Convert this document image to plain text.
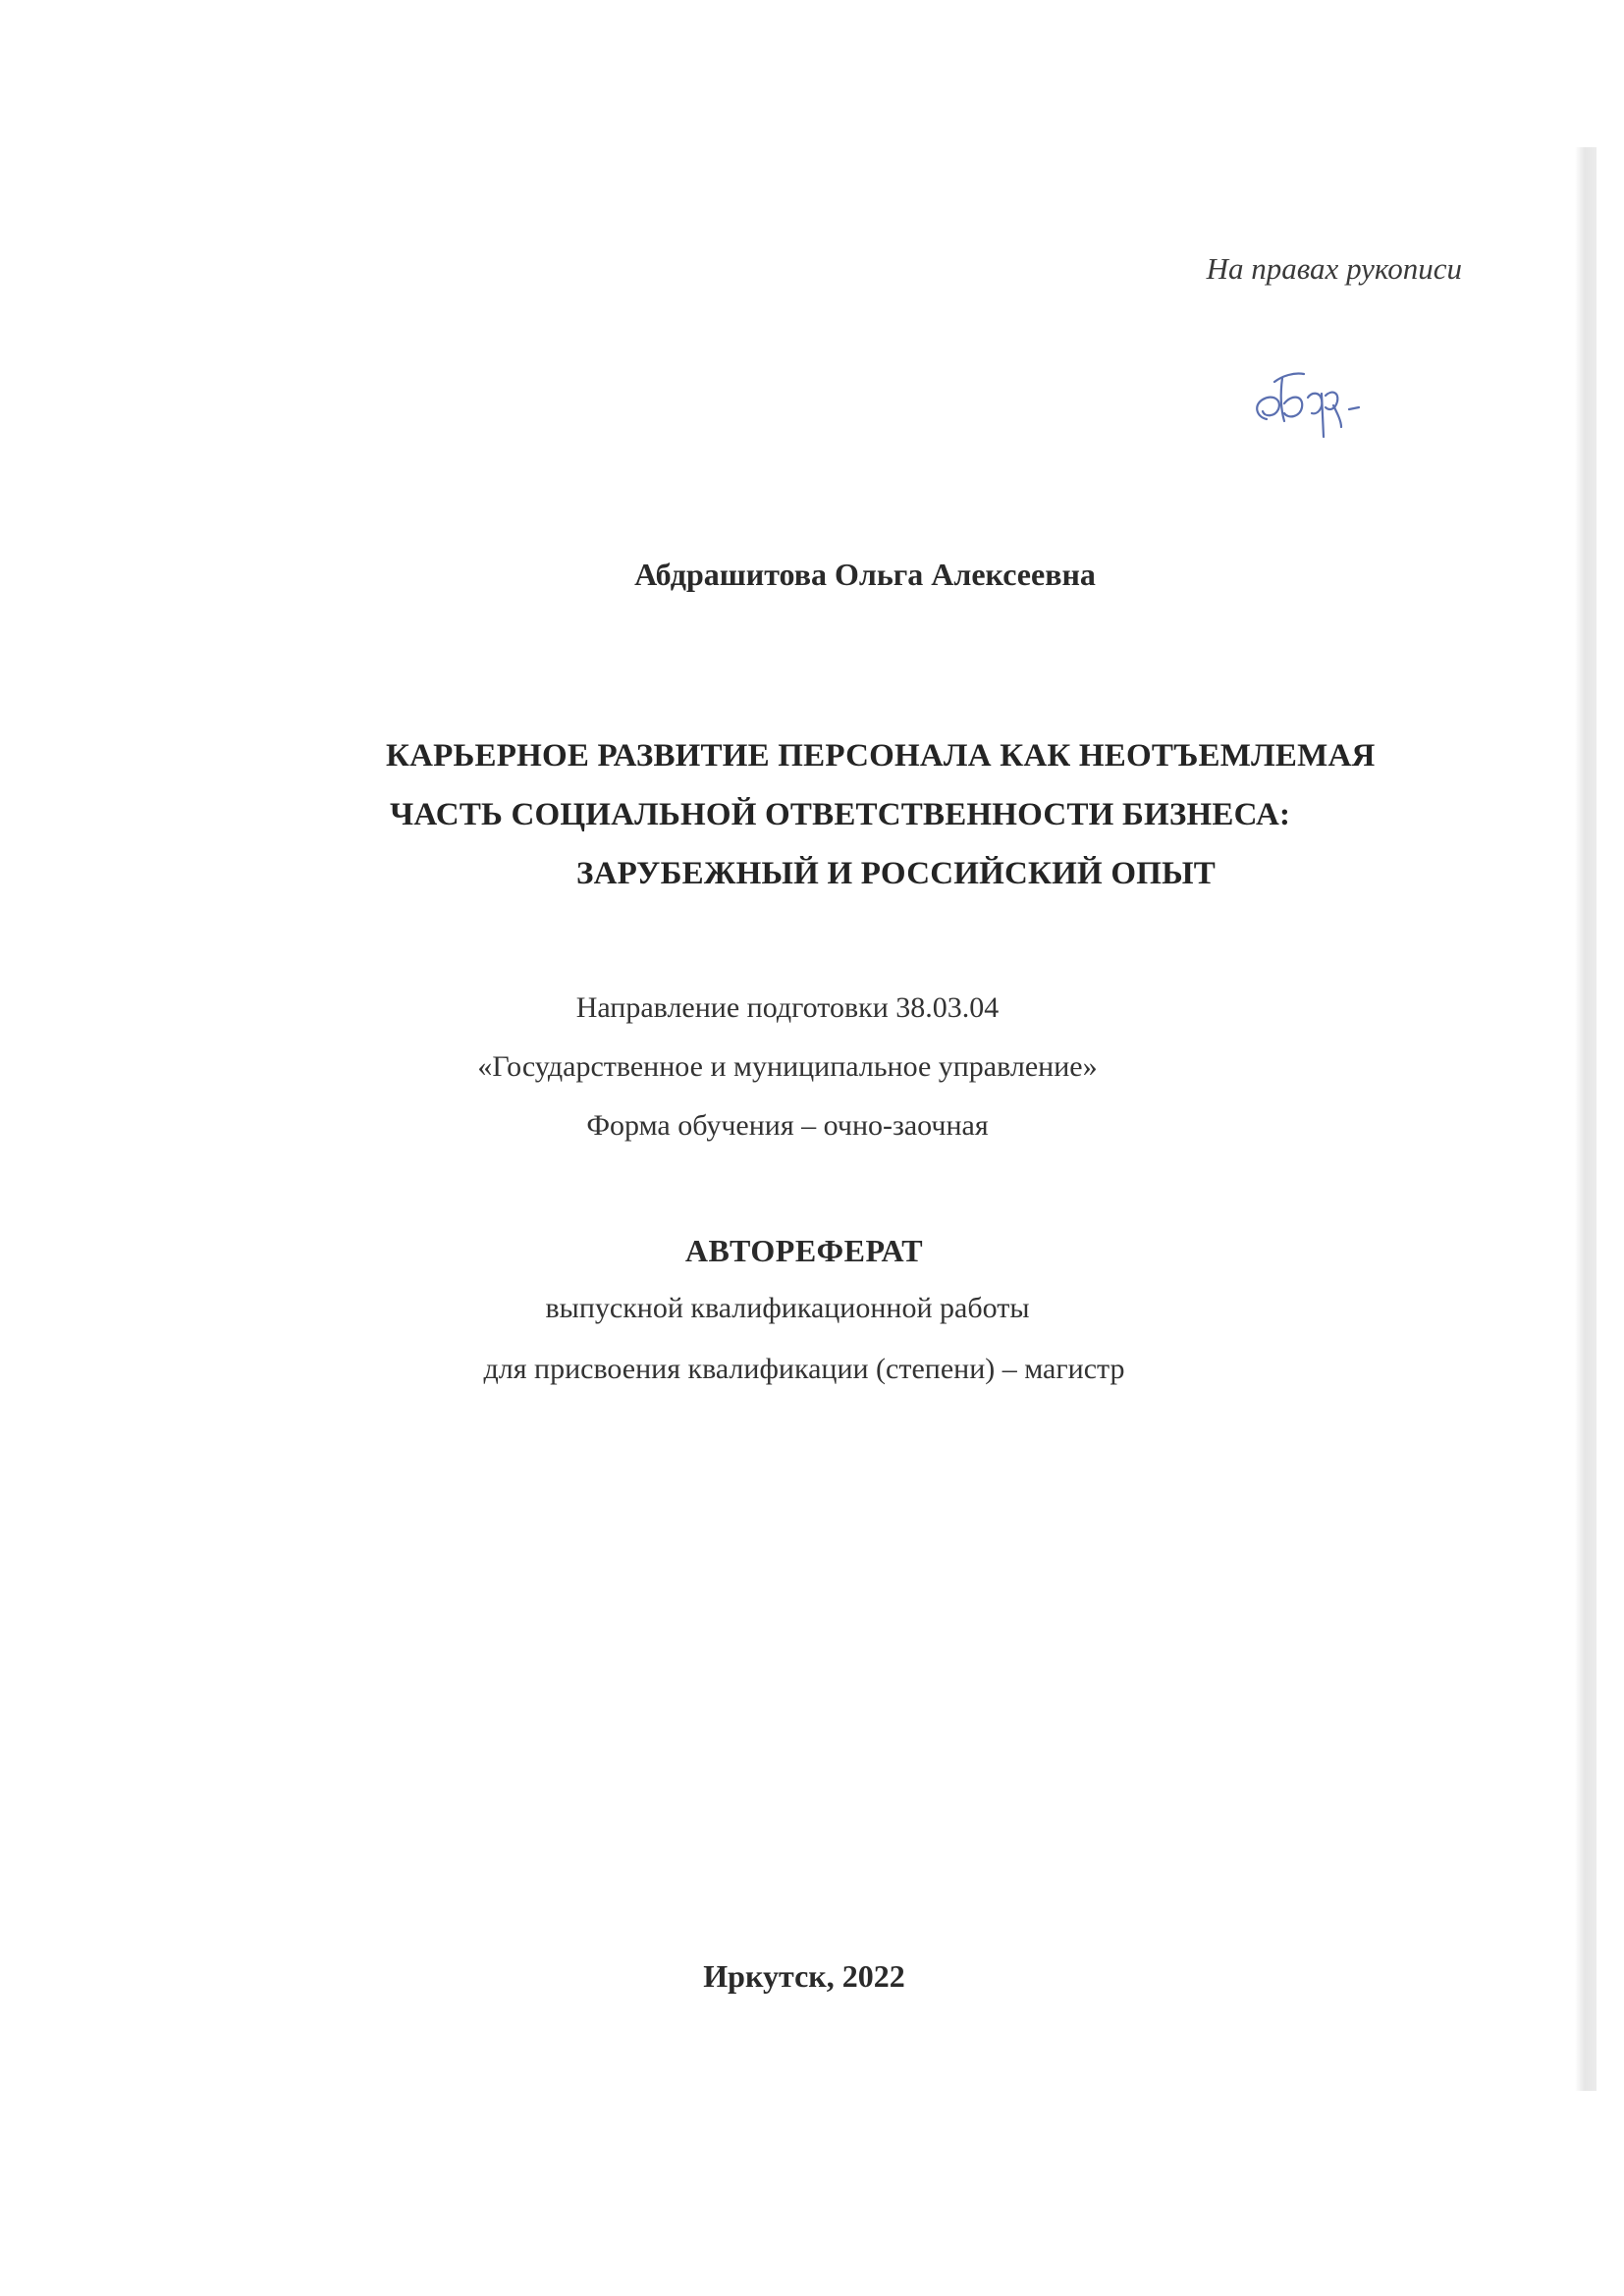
На правах рукописи
Абдрашитова Ольга Алексеевна
КАРЬЕРНОЕ РАЗВИТИЕ ПЕРСОНАЛА КАК НЕОТЪЕМЛЕМАЯ
ЧАСТЬ СОЦИАЛЬНОЙ ОТВЕТСТВЕННОСТИ БИЗНЕСА:
ЗАРУБЕЖНЫЙ И РОССИЙСКИЙ ОПЫТ
Направление подготовки 38.03.04
«Государственное и муниципальное управление»
Форма обучения – очно-заочная
АВТОРЕФЕРАТ
выпускной квалификационной работы
для присвоения квалификации (степени) – магистр
Иркутск, 2022
